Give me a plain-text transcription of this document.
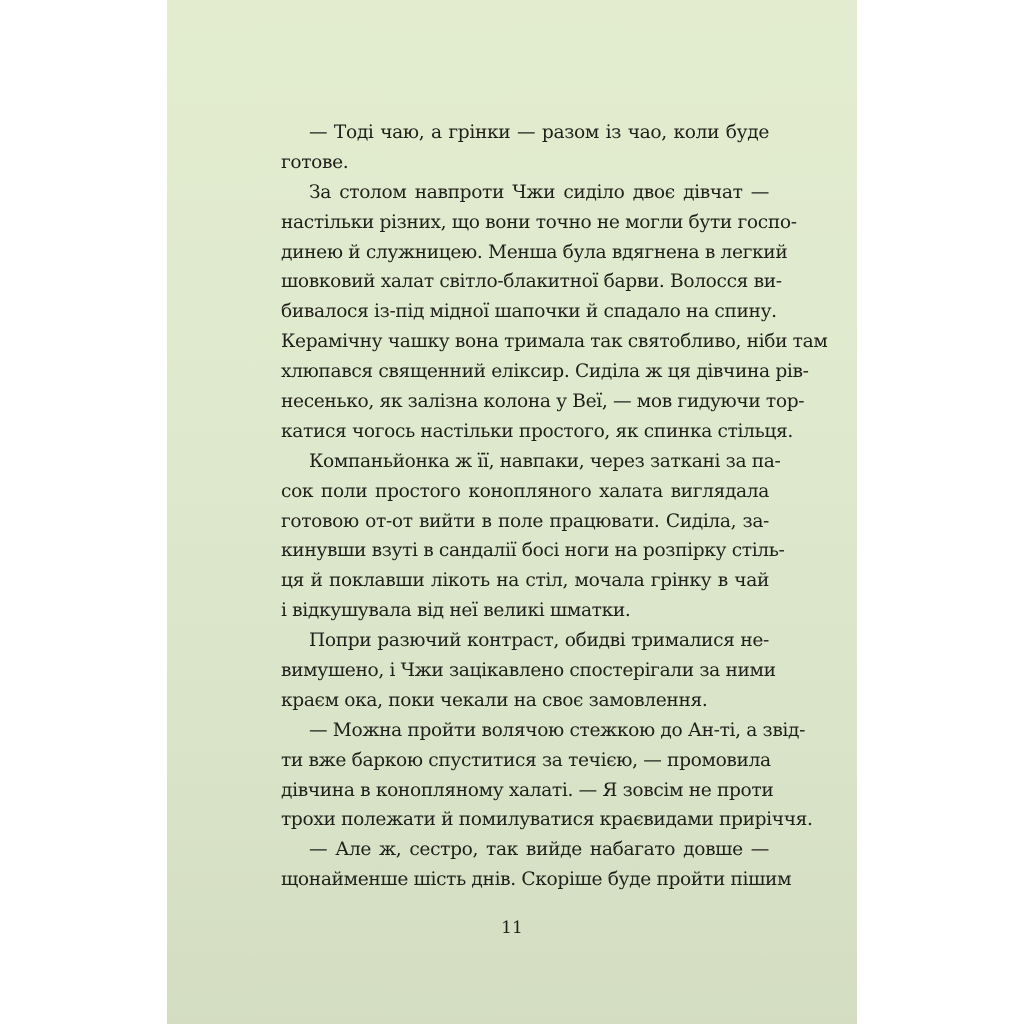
— Тоді чаю, а грінки — разом із чао, коли буде
готове.
За столом навпроти Чжи сиділо двоє дівчат —
настільки різних, що вони точно не могли бути госпо-
динею й служницею. Менша була вдягнена в легкий
шовковий халат світло-блакитної барви. Волосся ви-
бивалося із-під мідної шапочки й спадало на спину.
Керамічну чашку вона тримала так святобливо, ніби там
хлюпався священний еліксир. Сиділа ж ця дівчина рів-
несенько, як залізна колона у Веї, — мов гидуючи тор-
катися чогось настільки простого, як спинка стільця.
Компаньйонка ж її, навпаки, через заткані за па-
сок поли простого конопляного халата виглядала
готовою от-от вийти в поле працювати. Сиділа, за-
кинувши взуті в сандалії босі ноги на розпірку стіль-
ця й поклавши лікоть на стіл, мочала грінку в чай
і відкушувала від неї великі шматки.
Попри разючий контраст, обидві трималися не-
вимушено, і Чжи зацікавлено спостерігали за ними
краєм ока, поки чекали на своє замовлення.
— Можна пройти волячою стежкою до Ан-ті, а звід-
ти вже баркою спуститися за течією, — промовила
дівчина в конопляному халаті. — Я зовсім не проти
трохи полежати й помилуватися краєвидами приріччя.
— Але ж, сестро, так вийде набагато довше —
щонайменше шість днів. Скоріше буде пройти пішим
11
